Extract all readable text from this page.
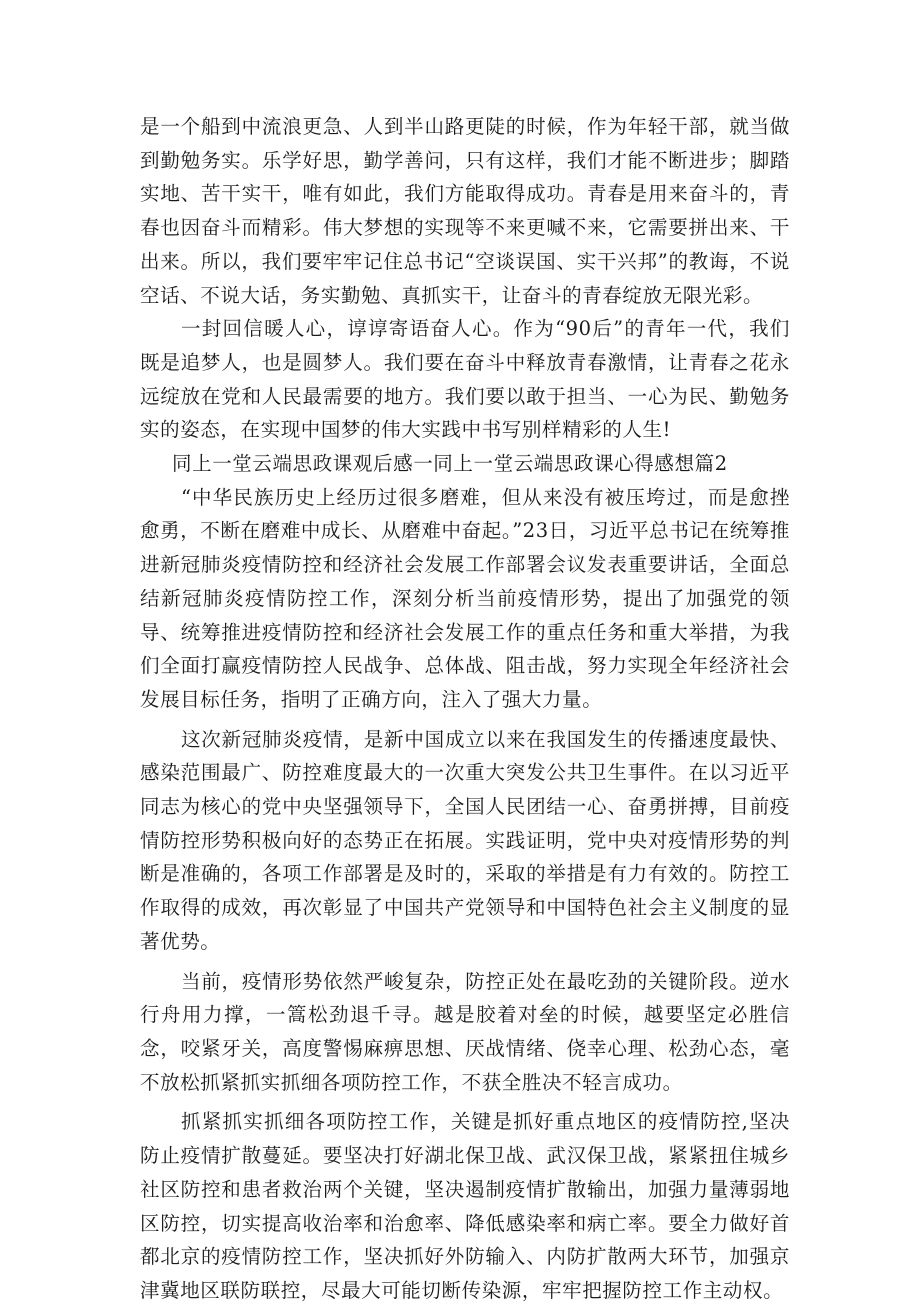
是一个船到中流浪更急、人到半山路更陡的时候，作为年轻干部，就当做到勤勉务实。乐学好思，勤学善问，只有这样，我们才能不断进步；脚踏实地、苦干实干，唯有如此，我们方能取得成功。青春是用来奋斗的，青春也因奋斗而精彩。伟大梦想的实现等不来更喊不来，它需要拼出来、干出来。所以，我们要牢牢记住总书记“空谈误国、实干兴邦”的教诲，不说空话、不说大话，务实勤勉、真抓实干，让奋斗的青春绽放无限光彩。

一封回信暖人心，谆谆寄语奋人心。作为“90后”的青年一代，我们既是追梦人，也是圆梦人。我们要在奋斗中释放青春激情，让青春之花永远绽放在党和人民最需要的地方。我们要以敢于担当、一心为民、勤勉务实的姿态，在实现中国梦的伟大实践中书写别样精彩的人生!

同上一堂云端思政课观后感一同上一堂云端思政课心得感想篇2

“中华民族历史上经历过很多磨难，但从来没有被压垮过，而是愈挫愈勇，不断在磨难中成长、从磨难中奋起。”23日，习近平总书记在统筹推进新冠肺炎疫情防控和经济社会发展工作部署会议发表重要讲话，全面总结新冠肺炎疫情防控工作，深刻分析当前疫情形势，提出了加强党的领导、统筹推进疫情防控和经济社会发展工作的重点任务和重大举措，为我们全面打赢疫情防控人民战争、总体战、阻击战，努力实现全年经济社会发展目标任务，指明了正确方向，注入了强大力量。

这次新冠肺炎疫情，是新中国成立以来在我国发生的传播速度最快、感染范围最广、防控难度最大的一次重大突发公共卫生事件。在以习近平同志为核心的党中央坚强领导下，全国人民团结一心、奋勇拼搏，目前疫情防控形势积极向好的态势正在拓展。实践证明，党中央对疫情形势的判断是准确的，各项工作部署是及时的，采取的举措是有力有效的。防控工作取得的成效，再次彰显了中国共产党领导和中国特色社会主义制度的显著优势。

当前，疫情形势依然严峻复杂，防控正处在最吃劲的关键阶段。逆水行舟用力撑，一篙松劲退千寻。越是胶着对垒的时候，越要坚定必胜信念，咬紧牙关，高度警惕麻痹思想、厌战情绪、侥幸心理、松劲心态，毫不放松抓紧抓实抓细各项防控工作，不获全胜决不轻言成功。

抓紧抓实抓细各项防控工作，关键是抓好重点地区的疫情防控,坚决防止疫情扩散蔓延。要坚决打好湖北保卫战、武汉保卫战，紧紧扭住城乡社区防控和患者救治两个关键，坚决遏制疫情扩散输出，加强力量薄弱地区防控，切实提高收治率和治愈率、降低感染率和病亡率。要全力做好首都北京的疫情防控工作，坚决抓好外防输入、内防扩散两大环节，加强京津冀地区联防联控，尽最大可能切断传染源，牢牢把握防控工作主动权。
